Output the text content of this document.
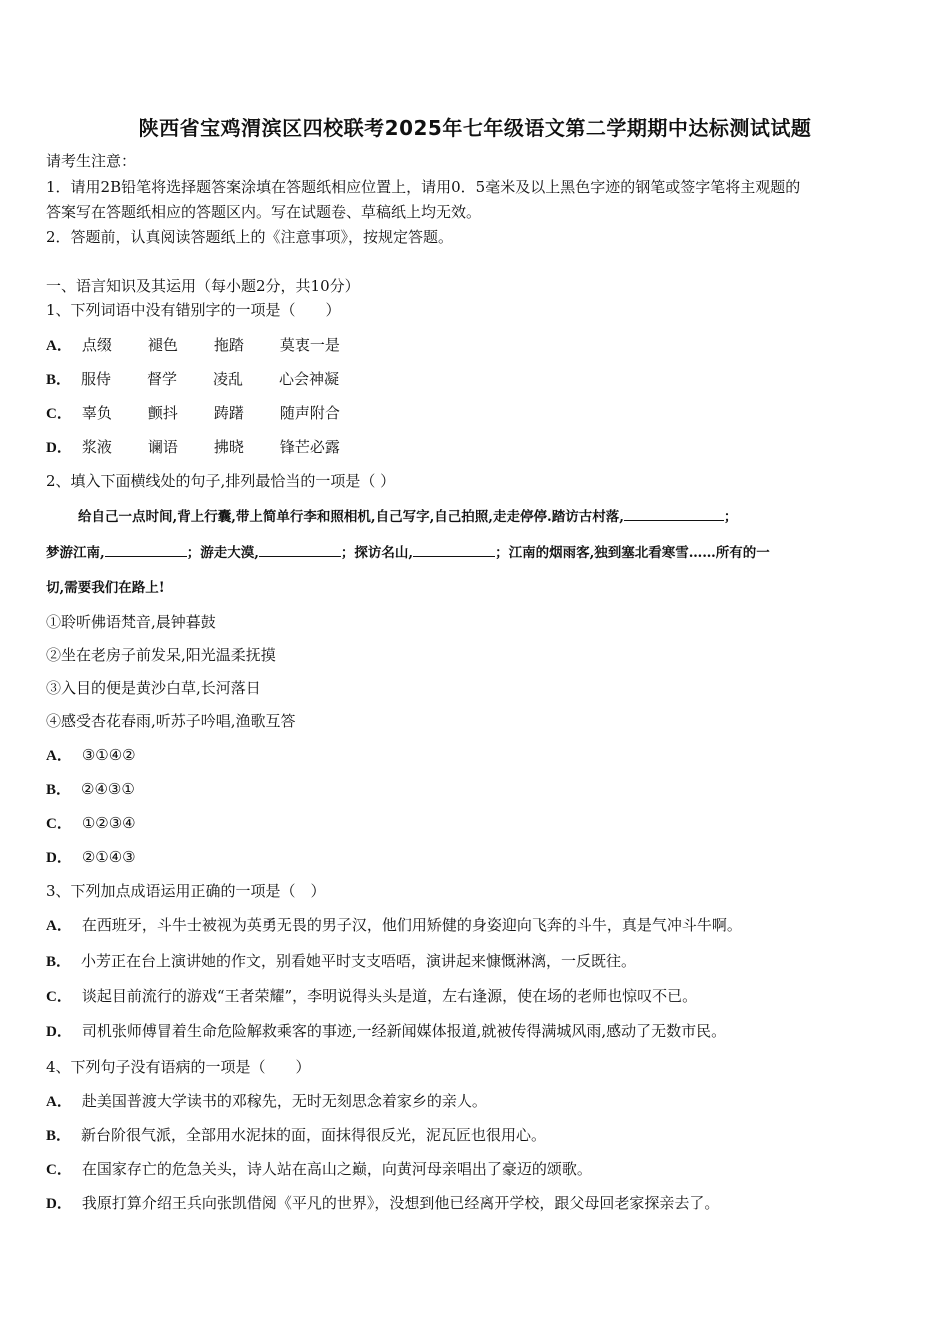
陕西省宝鸡渭滨区四校联考2025年七年级语文第二学期期中达标测试试题
请考生注意：
1．请用2B铅笔将选择题答案涂填在答题纸相应位置上，请用0．5毫米及以上黑色字迹的钢笔或签字笔将主观题的
答案写在答题纸相应的答题区内。写在试题卷、草稿纸上均无效。
2．答题前，认真阅读答题纸上的《注意事项》，按规定答题。
一、语言知识及其运用（每小题2分，共10分）
1、下列词语中没有错别字的一项是（　　）
A． 点缀 褪色 拖踏 莫衷一是
B． 服侍 督学 凌乱 心会神凝
C． 辜负 颤抖 踌躇 随声附合
D． 浆液 谰语 拂晓 锋芒必露
2、填入下面横线处的句子,排列最恰当的一项是（ ）
给自己一点时间,背上行囊,带上简单行李和照相机,自己写字,自己拍照,走走停停.踏访古村落,	；
梦游江南,	；游走大漠,	；探访名山,	；江南的烟雨客,独到塞北看寒雪……所有的一
切,需要我们在路上!
①聆听佛语梵音,晨钟暮鼓
②坐在老房子前发呆,阳光温柔抚摸
③入目的便是黄沙白草,长河落日
④感受杏花春雨,听苏子吟唱,渔歌互答
A． ③①④②
B． ②④③①
C． ①②③④
D． ②①④③
3、下列加点成语运用正确的一项是（　）
A． 在西班牙，斗牛士被视为英勇无畏的男子汉，他们用矫健的身姿迎向飞奔的斗牛，真是气冲斗牛啊。
B． 小芳正在台上演讲她的作文，别看她平时支支唔唔，演讲起来慷慨淋漓，一反既往。
C． 谈起目前流行的游戏“王者荣耀”，李明说得头头是道，左右逢源，使在场的老师也惊叹不已。
D． 司机张师傅冒着生命危险解救乘客的事迹,一经新闻媒体报道,就被传得满城风雨,感动了无数市民。
4、下列句子没有语病的一项是（　　）
A． 赴美国普渡大学读书的邓稼先，无时无刻思念着家乡的亲人。
B． 新台阶很气派，全部用水泥抹的面，面抹得很反光，泥瓦匠也很用心。
C． 在国家存亡的危急关头，诗人站在高山之巅，向黄河母亲唱出了豪迈的颂歌。
D． 我原打算介绍王兵向张凯借阅《平凡的世界》，没想到他已经离开学校，跟父母回老家探亲去了。
